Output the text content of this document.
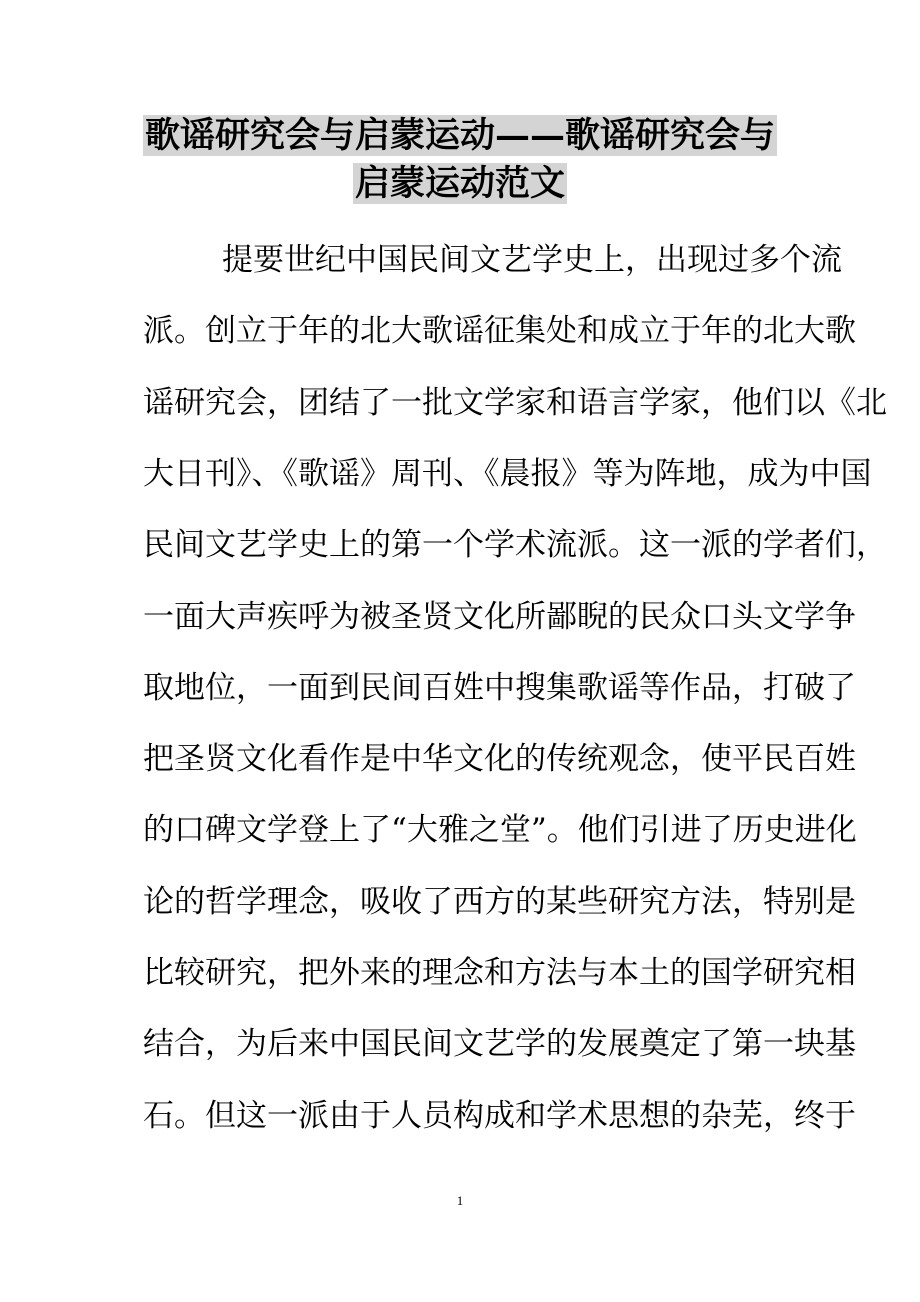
歌谣研究会与启蒙运动——歌谣研究会与
启蒙运动范文
提要世纪中国民间文艺学史上，出现过多个流
派。创立于年的北大歌谣征集处和成立于年的北大歌
谣研究会，团结了一批文学家和语言学家，他们以《北
大日刊》、《歌谣》周刊、《晨报》等为阵地，成为中国
民间文艺学史上的第一个学术流派。这一派的学者们，
一面大声疾呼为被圣贤文化所鄙睨的民众口头文学争
取地位，一面到民间百姓中搜集歌谣等作品，打破了
把圣贤文化看作是中华文化的传统观念，使平民百姓
的口碑文学登上了“大雅之堂”。他们引进了历史进化
论的哲学理念，吸收了西方的某些研究方法，特别是
比较研究，把外来的理念和方法与本土的国学研究相
结合，为后来中国民间文艺学的发展奠定了第一块基
石。但这一派由于人员构成和学术思想的杂芜，终于
1
